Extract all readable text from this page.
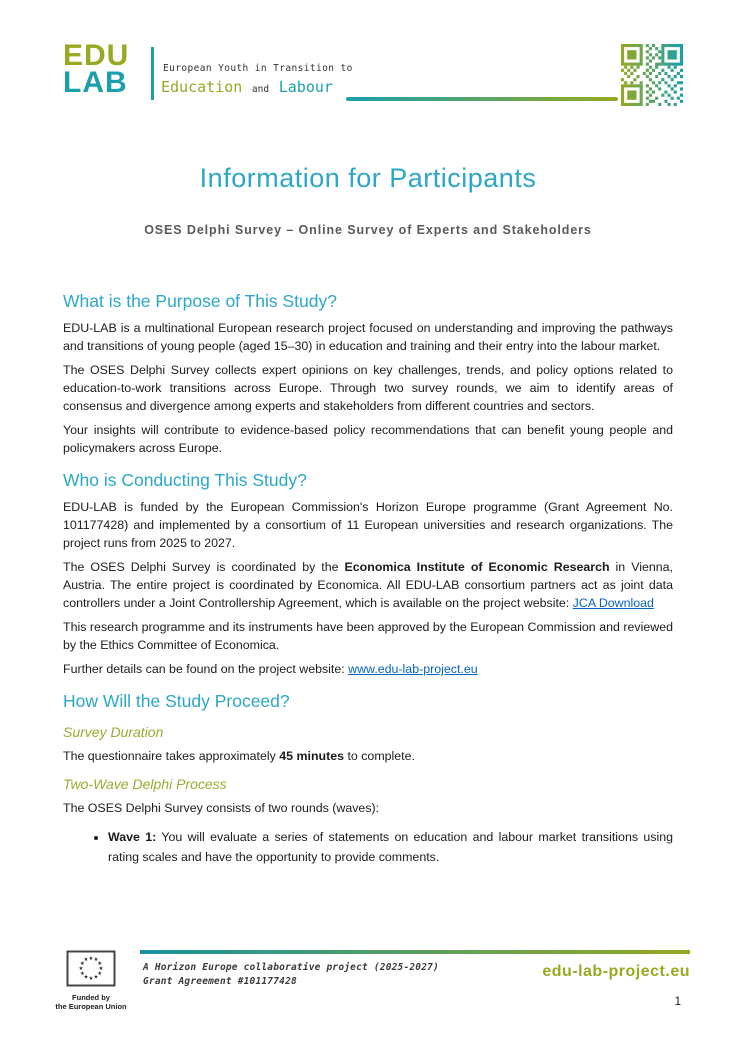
EDU
LAB	European Youth in Transition to
Education and Labour
Information for Participants
OSES Delphi Survey – Online Survey of Experts and Stakeholders
What is the Purpose of This Study?

EDU-LAB is a multinational European research project focused on understanding and improving the pathways and transitions of young people (aged 15–30) in education and training and their entry into the labour market.

The OSES Delphi Survey collects expert opinions on key challenges, trends, and policy options related to education-to-work transitions across Europe. Through two survey rounds, we aim to identify areas of consensus and divergence among experts and stakeholders from different countries and sectors.

Your insights will contribute to evidence-based policy recommendations that can benefit young people and policymakers across Europe.

Who is Conducting This Study?

EDU-LAB is funded by the European Commission's Horizon Europe programme (Grant Agreement No. 101177428) and implemented by a consortium of 11 European universities and research organizations. The project runs from 2025 to 2027.

The OSES Delphi Survey is coordinated by the Economica Institute of Economic Research in Vienna, Austria. The entire project is coordinated by Economica. All EDU-LAB consortium partners act as joint data controllers under a Joint Controllership Agreement, which is available on the project website: JCA Download

This research programme and its instruments have been approved by the European Commission and reviewed by the Ethics Committee of Economica.

Further details can be found on the project website: www.edu-lab-project.eu

How Will the Study Proceed?
Survey Duration

The questionnaire takes approximately 45 minutes to complete.

Two-Wave Delphi Process

The OSES Delphi Survey consists of two rounds (waves):

• Wave 1: You will evaluate a series of statements on education and labour market transitions using rating scales and have the opportunity to provide comments.
★ ★
★
★
★
★
★
★
★
★
★
★
Funded by
the European Union
A Horizon Europe collaborative project (2025-2027)
Grant Agreement #101177428
edu-lab-project.eu
1
